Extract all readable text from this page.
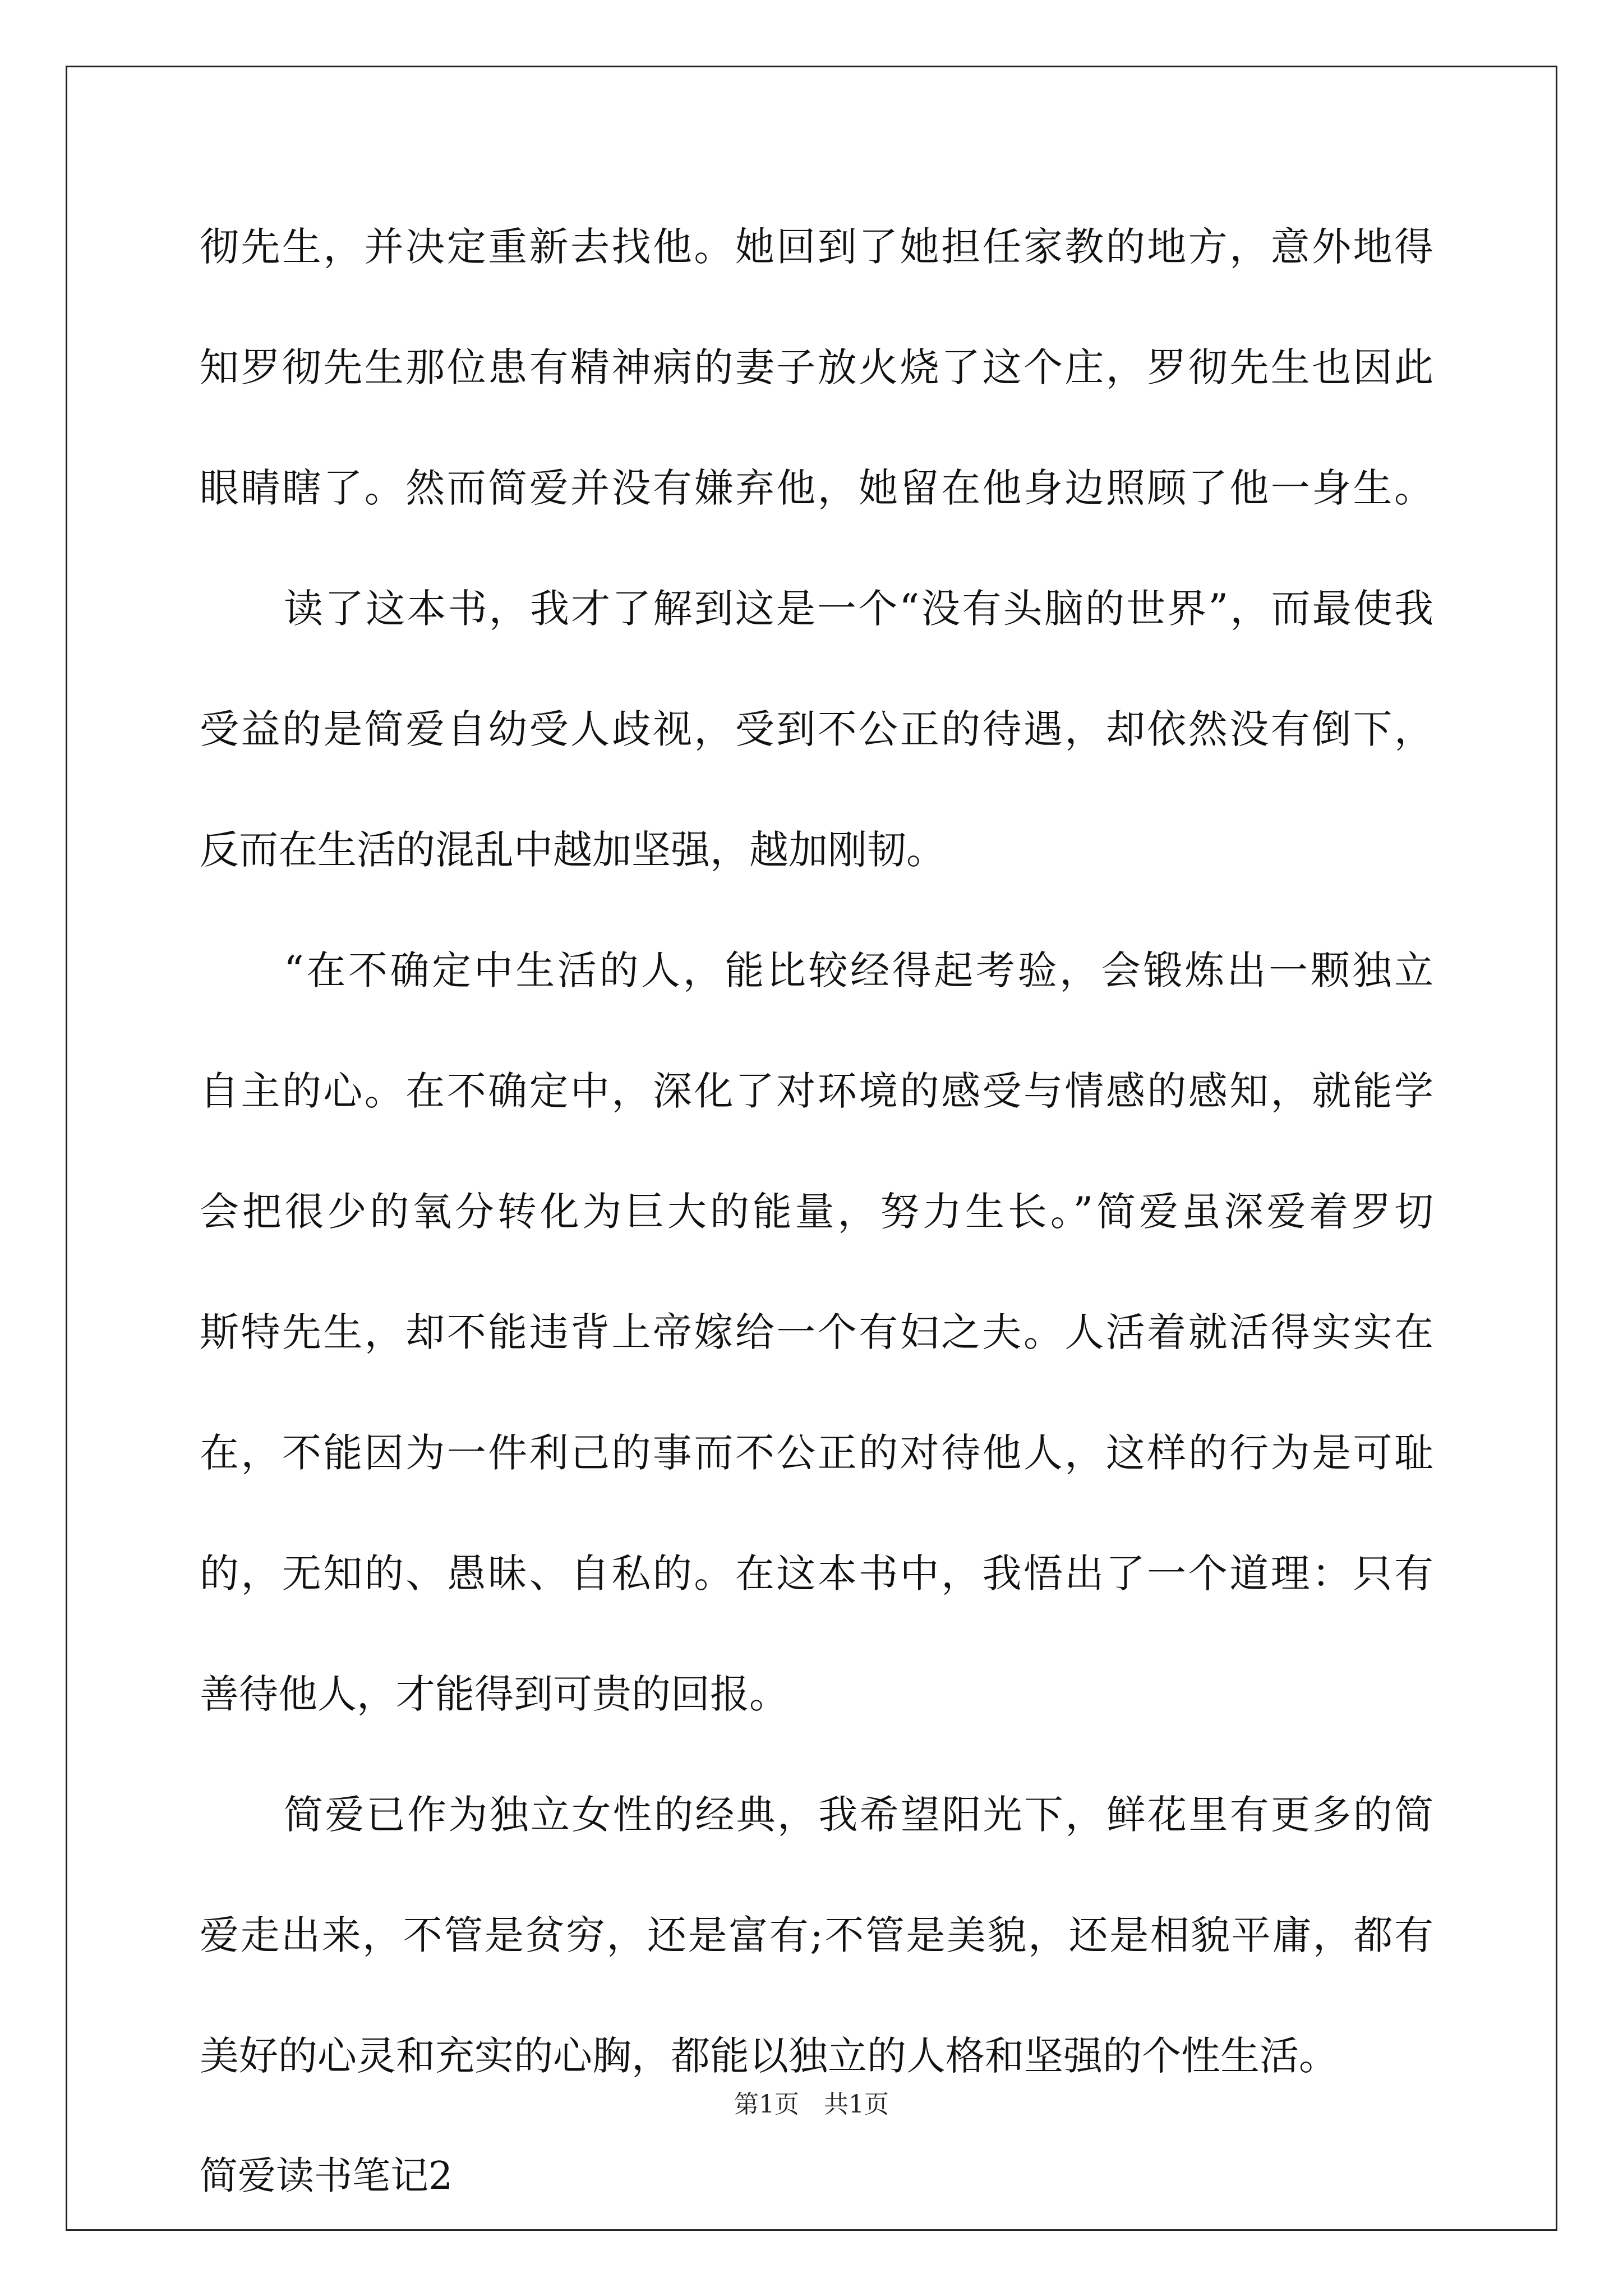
彻先生，并决定重新去找他。她回到了她担任家教的地方，意外地得
知罗彻先生那位患有精神病的妻子放火烧了这个庄，罗彻先生也因此
眼睛瞎了。然而简爱并没有嫌弃他，她留在他身边照顾了他一身生。
读了这本书，我才了解到这是一个“没有头脑的世界”，而最使我
受益的是简爱自幼受人歧视，受到不公正的待遇，却依然没有倒下，
反而在生活的混乱中越加坚强，越加刚韧。
“在不确定中生活的人，能比较经得起考验，会锻炼出一颗独立
自主的心。在不确定中，深化了对环境的感受与情感的感知，就能学
会把很少的氧分转化为巨大的能量，努力生长。”简爱虽深爱着罗切
斯特先生，却不能违背上帝嫁给一个有妇之夫。人活着就活得实实在
在，不能因为一件利己的事而不公正的对待他人，这样的行为是可耻
的，无知的、愚昧、自私的。在这本书中，我悟出了一个道理：只有
善待他人，才能得到可贵的回报。
简爱已作为独立女性的经典，我希望阳光下，鲜花里有更多的简
爱走出来，不管是贫穷，还是富有;不管是美貌，还是相貌平庸，都有
美好的心灵和充实的心胸，都能以独立的人格和坚强的个性生活。
简爱读书笔记2
第1页　共1页
